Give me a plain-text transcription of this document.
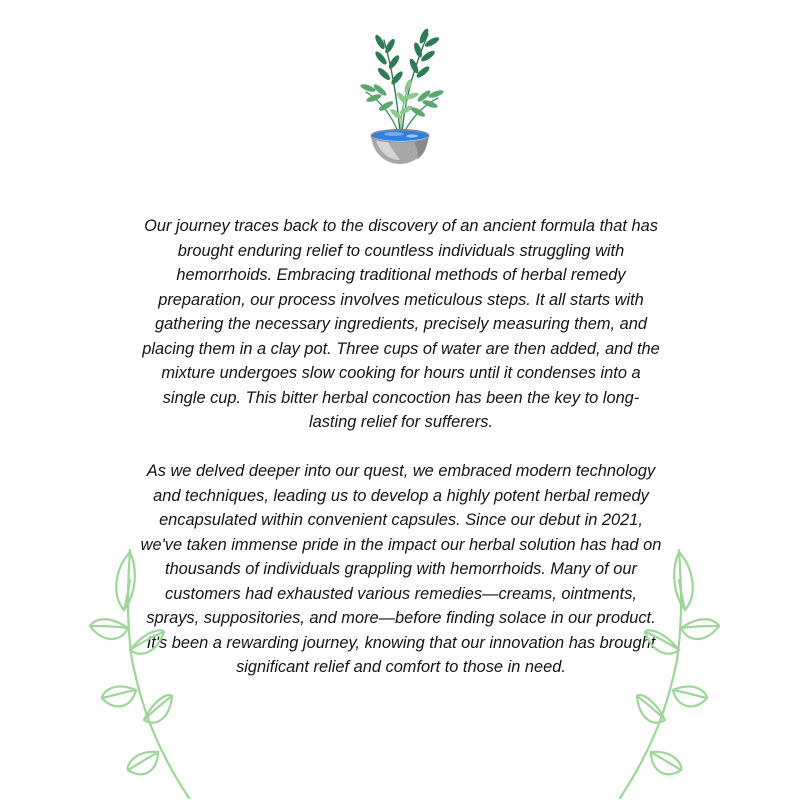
Our journey traces back to the discovery of an ancient formula that has brought enduring relief to countless individuals struggling with hemorrhoids. Embracing traditional methods of herbal remedy preparation, our process involves meticulous steps. It all starts with gathering the necessary ingredients, precisely measuring them, and placing them in a clay pot. Three cups of water are then added, and the mixture undergoes slow cooking for hours until it condenses into a single cup. This bitter herbal concoction has been the key to long-lasting relief for sufferers.

As we delved deeper into our quest, we embraced modern technology and techniques, leading us to develop a highly potent herbal remedy encapsulated within convenient capsules. Since our debut in 2021, we've taken immense pride in the impact our herbal solution has had on thousands of individuals grappling with hemorrhoids. Many of our customers had exhausted various remedies—creams, ointments, sprays, suppositories, and more—before finding solace in our product. It's been a rewarding journey, knowing that our innovation has brought significant relief and comfort to those in need.
